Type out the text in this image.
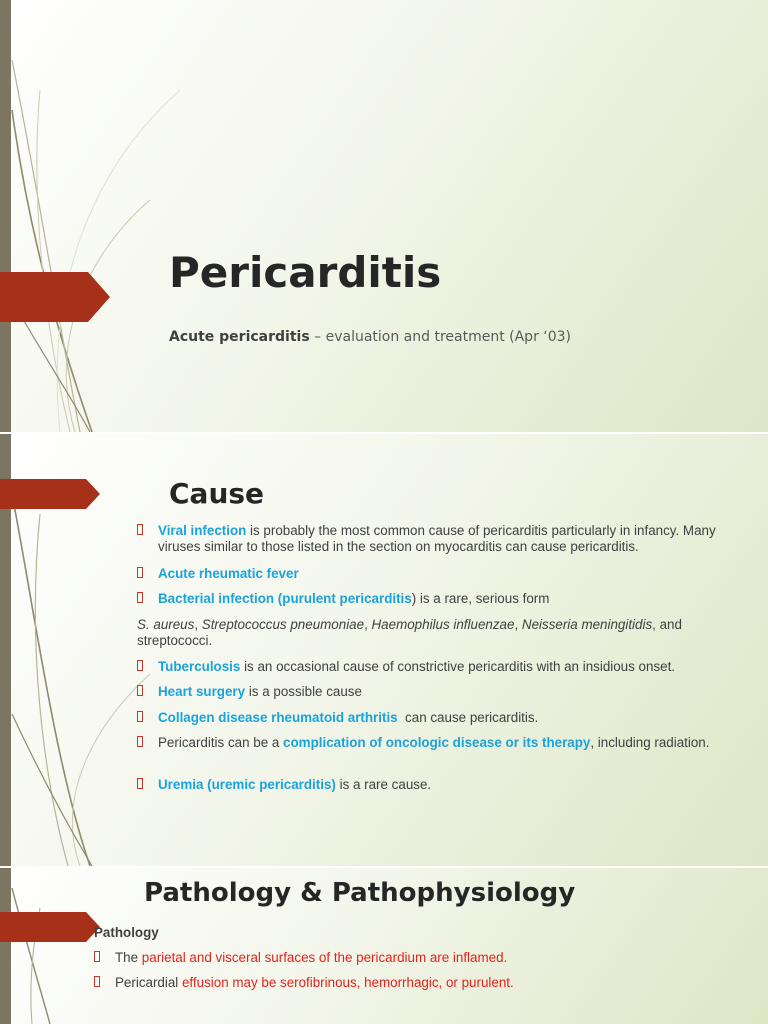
Pericarditis

Acute pericarditis – evaluation and treatment (Apr ‘03)

Cause

Viral infection is probably the most common cause of pericarditis particularly in infancy. Many viruses similar to those listed in the section on myocarditis can cause pericarditis.

Acute rheumatic fever

Bacterial infection (purulent pericarditis) is a rare, serious form

S. aureus, Streptococcus pneumoniae, Haemophilus influenzae, Neisseria meningitidis, and streptococci.

Tuberculosis is an occasional cause of constrictive pericarditis with an insidious onset.

Heart surgery is a possible cause

Collagen disease rheumatoid arthritis  can cause pericarditis.

Pericarditis can be a complication of oncologic disease or its therapy, including radiation.

Uremia (uremic pericarditis) is a rare cause.

Pathology & Pathophysiology

Pathology

The parietal and visceral surfaces of the pericardium are inflamed.

Pericardial effusion may be serofibrinous, hemorrhagic, or purulent.
